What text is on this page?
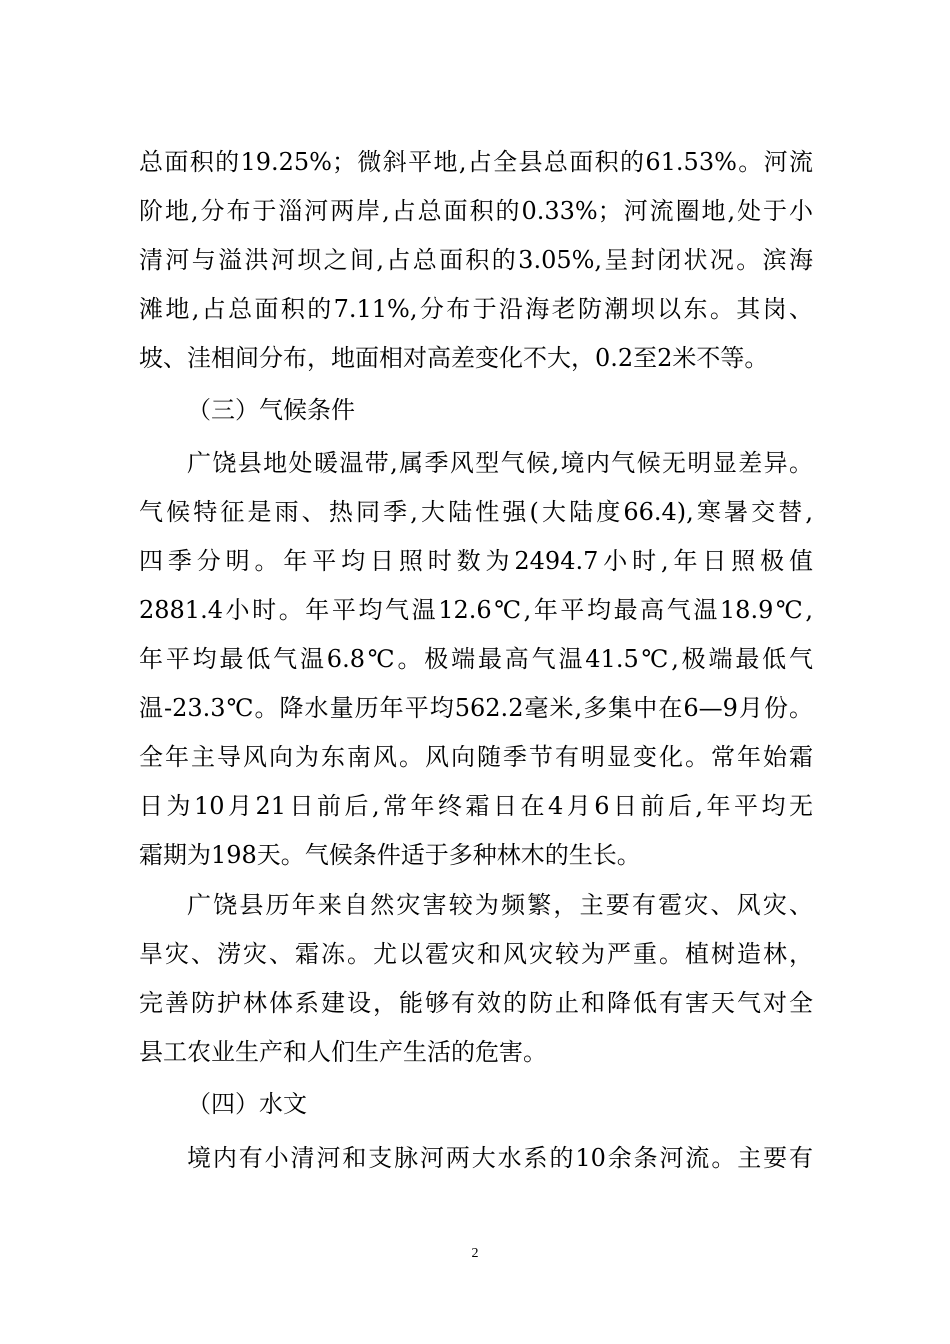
总面积的19.25%；微斜平地,占全县总面积的61.53%。河流
阶地,分布于淄河两岸,占总面积的0.33%；河流圈地,处于小
清河与溢洪河坝之间,占总面积的3.05%,呈封闭状况。滨海
滩地,占总面积的7.11%,分布于沿海老防潮坝以东。其岗、
坡、洼相间分布，地面相对高差变化不大，0.2至2米不等。
（三）气候条件
广饶县地处暖温带,属季风型气候,境内气候无明显差异。
气候特征是雨、热同季,大陆性强(大陆度66.4),寒暑交替,
四季分明。年平均日照时数为2494.7小时,年日照极值
2881.4小时。年平均气温12.6℃,年平均最高气温18.9℃,
年平均最低气温6.8℃。极端最高气温41.5℃,极端最低气
温-23.3℃。降水量历年平均562.2毫米,多集中在6—9月份。
全年主导风向为东南风。风向随季节有明显变化。常年始霜
日为10月21日前后,常年终霜日在4月6日前后,年平均无
霜期为198天。气候条件适于多种林木的生长。
广饶县历年来自然灾害较为频繁，主要有雹灾、风灾、
旱灾、涝灾、霜冻。尤以雹灾和风灾较为严重。植树造林，
完善防护林体系建设，能够有效的防止和降低有害天气对全
县工农业生产和人们生产生活的危害。
（四）水文
境内有小清河和支脉河两大水系的10余条河流。主要有
2
